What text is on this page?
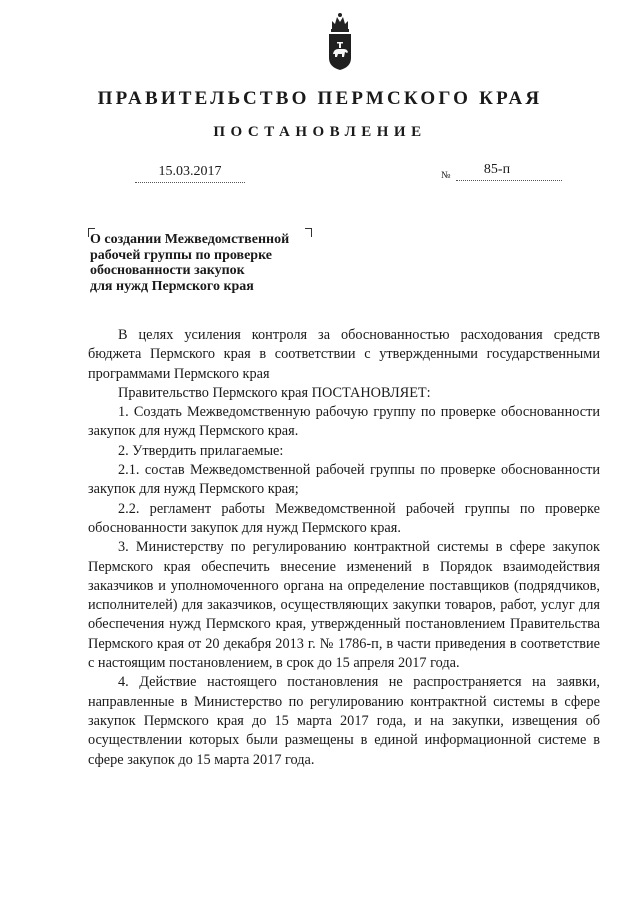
ПРАВИТЕЛЬСТВО ПЕРМСКОГО КРАЯ
ПОСТАНОВЛЕНИЕ
15.03.2017	№	85-п
О создании Межведомственной
рабочей группы по проверке
обоснованности закупок
для нужд Пермского края

В целях усиления контроля за обоснованностью расходования средств бюджета Пермского края в соответствии с утвержденными государственными программами Пермского края

Правительство Пермского края ПОСТАНОВЛЯЕТ:

1. Создать Межведомственную рабочую группу по проверке обоснованности закупок для нужд Пермского края.

2. Утвердить прилагаемые:

2.1. состав Межведомственной рабочей группы по проверке обоснованности закупок для нужд Пермского края;

2.2. регламент работы Межведомственной рабочей группы по проверке обоснованности закупок для нужд Пермского края.

3. Министерству по регулированию контрактной системы в сфере закупок Пермского края обеспечить внесение изменений в Порядок взаимодействия заказчиков и уполномоченного органа на определение поставщиков (подрядчиков, исполнителей) для заказчиков, осуществляющих закупки товаров, работ, услуг для обеспечения нужд Пермского края, утвержденный постановлением Правительства Пермского края от 20 декабря 2013 г. № 1786-п, в части приведения в соответствие с настоящим постановлением, в срок до 15 апреля 2017 года.

4. Действие настоящего постановления не распространяется на заявки, направленные в Министерство по регулированию контрактной системы в сфере закупок Пермского края до 15 марта 2017 года, и на закупки, извещения об осуществлении которых были размещены в единой информационной системе в сфере закупок до 15 марта 2017 года.
